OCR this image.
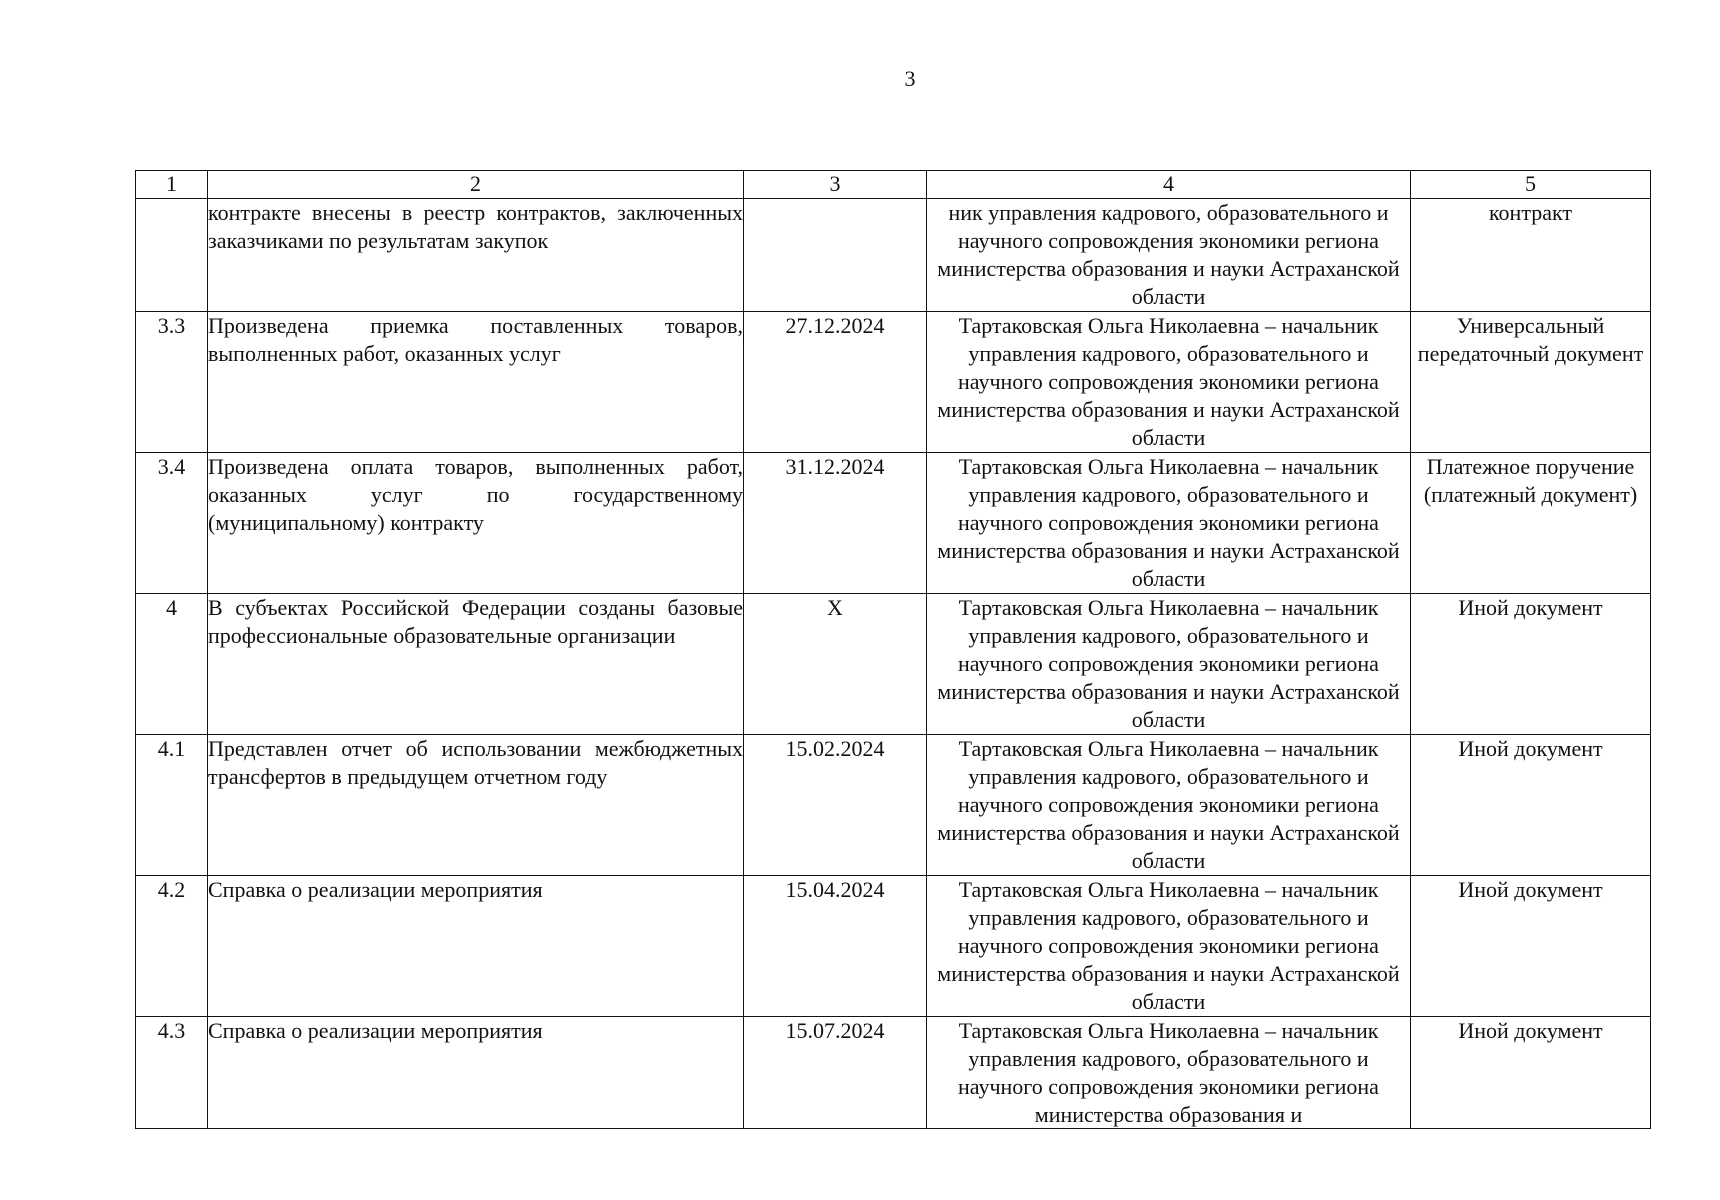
3
1	2	3	4	5
	контракте внесены в реестр контрактов, заключенных заказчиками по результатам закупок		ник управления кадрового, образовательного и научного сопровождения экономики региона министерства образования и науки Астраханской области	контракт
3.3	Произведена приемка поставленных товаров, выполненных работ, оказанных услуг	27.12.2024	Тартаковская Ольга Николаевна – начальник управления кадрового, образовательного и научного сопровождения экономики региона министерства образования и науки Астраханской области	Универсальный передаточный документ
3.4	Произведена оплата товаров, выполненных работ, оказанных услуг по государственному (муниципальному) контракту	31.12.2024	Тартаковская Ольга Николаевна – начальник управления кадрового, образовательного и научного сопровождения экономики региона министерства образования и науки Астраханской области	Платежное поручение (платежный документ)
4	В субъектах Российской Федерации созданы базовые профессиональные образовательные организации	X	Тартаковская Ольга Николаевна – начальник управления кадрового, образовательного и научного сопровождения экономики региона министерства образования и науки Астраханской области	Иной документ
4.1	Представлен отчет об использовании межбюджетных трансфертов в предыдущем отчетном году	15.02.2024	Тартаковская Ольга Николаевна – начальник управления кадрового, образовательного и научного сопровождения экономики региона министерства образования и науки Астраханской области	Иной документ
4.2	Справка о реализации мероприятия	15.04.2024	Тартаковская Ольга Николаевна – начальник управления кадрового, образовательного и научного сопровождения экономики региона министерства образования и науки Астраханской области	Иной документ
4.3	Справка о реализации мероприятия	15.07.2024	Тартаковская Ольга Николаевна – начальник управления кадрового, образовательного и научного сопровождения экономики региона министерства образования и	Иной документ
